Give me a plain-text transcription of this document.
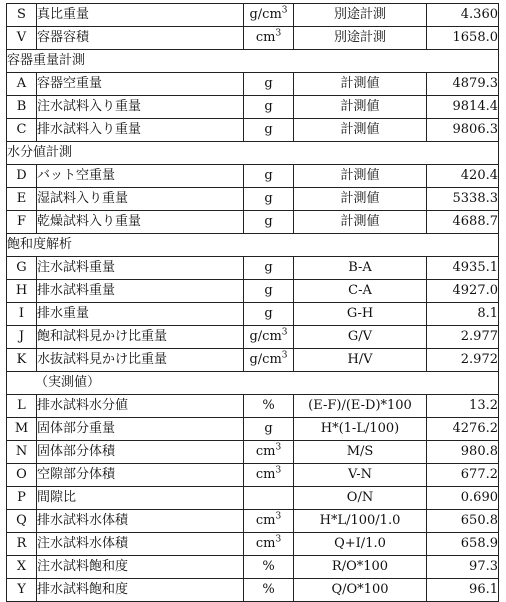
S	真比重量	$g/cm^3$	別途計測	4.360
V	容器容積	$cm^3$	別途計測	1658.0
容器重量計測				
A	容器空重量	g	計測値	4879.3
B	注水試料入り重量	g	計測値	9814.4
C	排水試料入り重量	g	計測値	9806.3
水分値計測				
D	バット空重量	g	計測値	420.4
E	湿試料入り重量	g	計測値	5338.3
F	乾燥試料入り重量	g	計測値	4688.7
飽和度解析				
G	注水試料重量	g	B-A	4935.1
H	排水試料重量	g	C-A	4927.0
I	排水重量	g	G-H	8.1
J	飽和試料見かけ比重量	$g/cm^3$	G/V	2.977
K	水抜試料見かけ比重量	$g/cm^3$	H/V	2.972
（実測値）				
L	排水試料水分値	%	(E-F)/(E-D)*100	13.2
M	固体部分重量	g	H*(1-L/100)	4276.2
N	固体部分体積	$cm^3$	M/S	980.8
O	空隙部分体積	$cm^3$	V-N	677.2
P	間隙比		O/N	0.690
Q	排水試料水体積	$cm^3$	H*L/100/1.0	650.8
R	注水試料水体積	$cm^3$	Q+I/1.0	658.9
X	注水試料飽和度	%	R/O*100	97.3
Y	排水試料飽和度	%	Q/O*100	96.1
